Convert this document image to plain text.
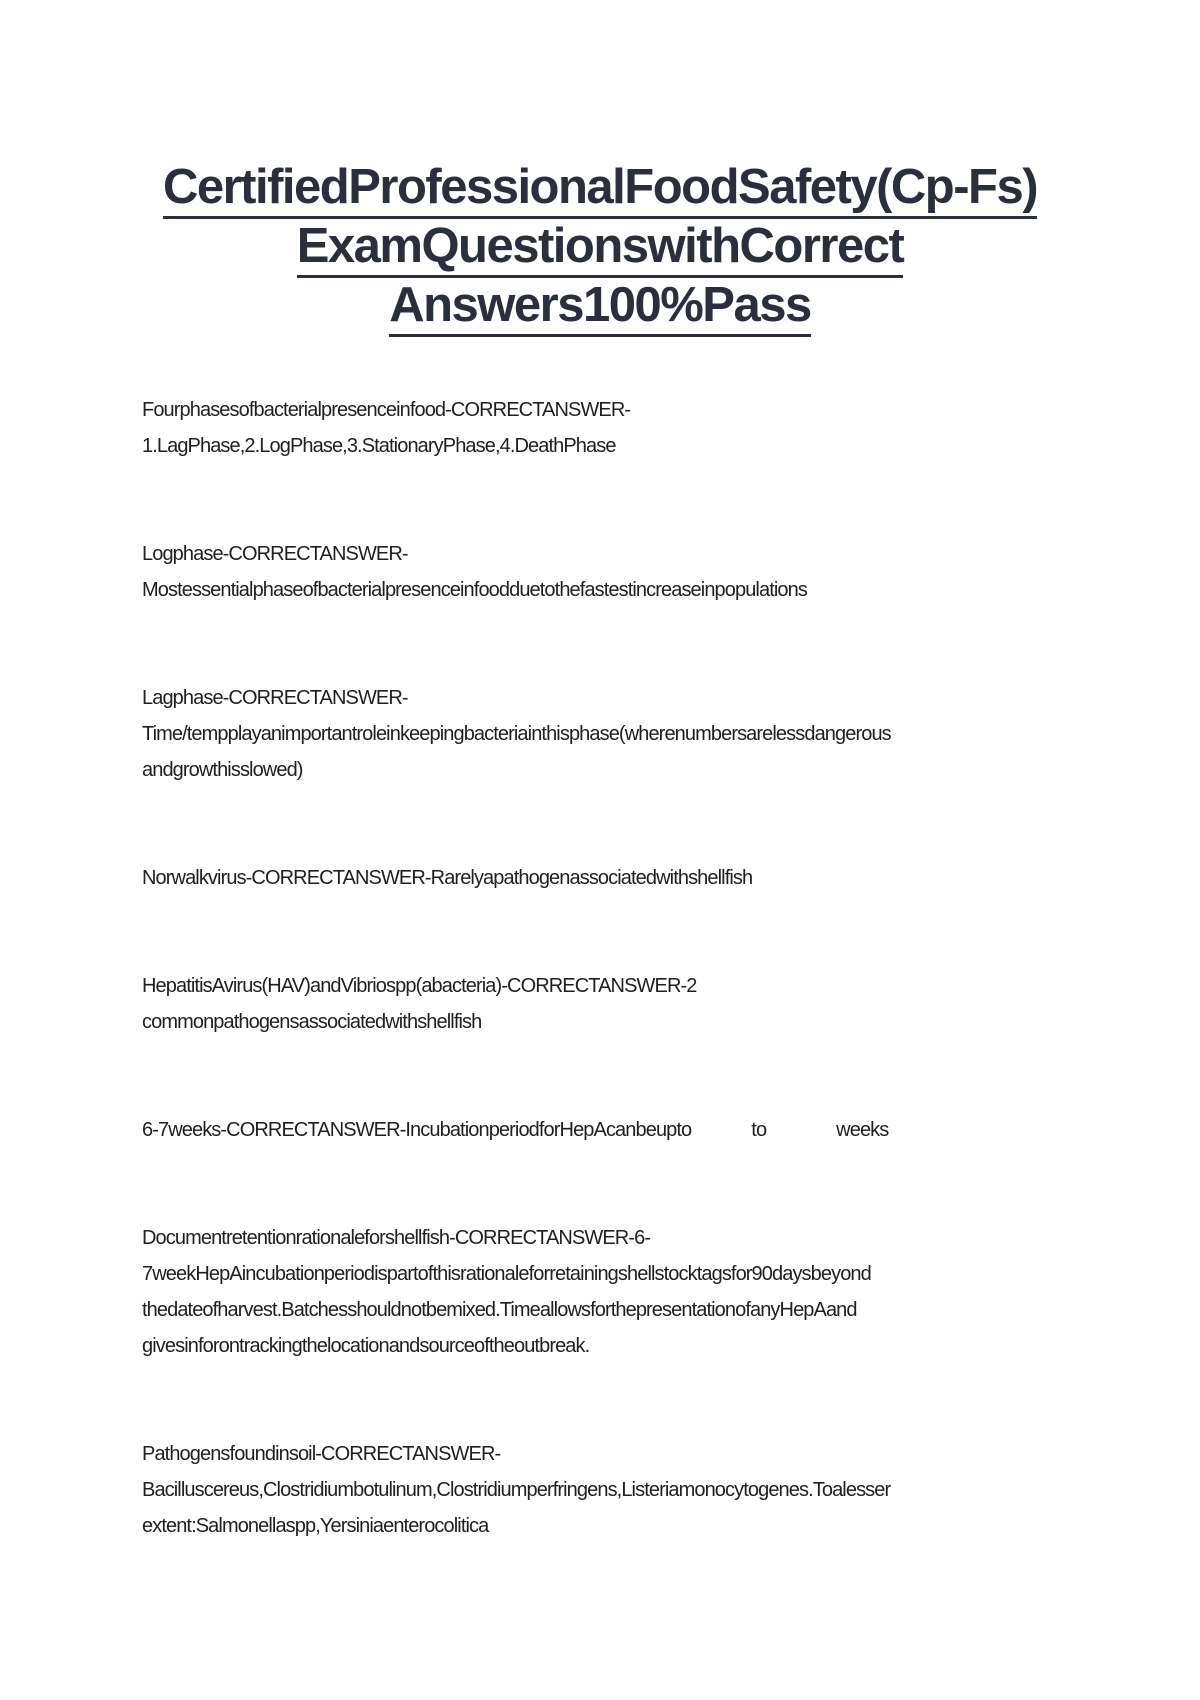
CertifiedProfessionalFoodSafety(Cp-Fs)
ExamQuestionswithCorrect
Answers100%Pass
Fourphasesofbacterialpresenceinfood-CORRECTANSWER-
1.LagPhase,2.LogPhase,3.StationaryPhase,4.DeathPhase
Logphase-CORRECTANSWER-
Mostessentialphaseofbacterialpresenceinfoodduetothefastestincreaseinpopulations
Lagphase-CORRECTANSWER-
Time/tempplayanimportantroleinkeepingbacteriainthisphase(wherenumbersarelessdangerous
andgrowthisslowed)
Norwalkvirus-CORRECTANSWER-Rarelyapathogenassociatedwithshellfish
HepatitisAvirus(HAV)andVibriospp(abacteria)-CORRECTANSWER-2
commonpathogensassociatedwithshellfish
6-7weeks-CORRECTANSWER-IncubationperiodforHepAcanbeupto	to	weeks
Documentretentionrationaleforshellfish-CORRECTANSWER-6-
7weekHepAincubationperiodispartofthisrationaleforretainingshellstocktagsfor90daysbeyond
thedateofharvest.Batchesshouldnotbemixed.TimeallowsforthepresentationofanyHepAand
givesinforontrackingthelocationandsourceoftheoutbreak.
Pathogensfoundinsoil-CORRECTANSWER-
Bacilluscereus,Clostridiumbotulinum,Clostridiumperfringens,Listeriamonocytogenes.Toalesser
extent:Salmonellaspp,Yersiniaenterocolitica
